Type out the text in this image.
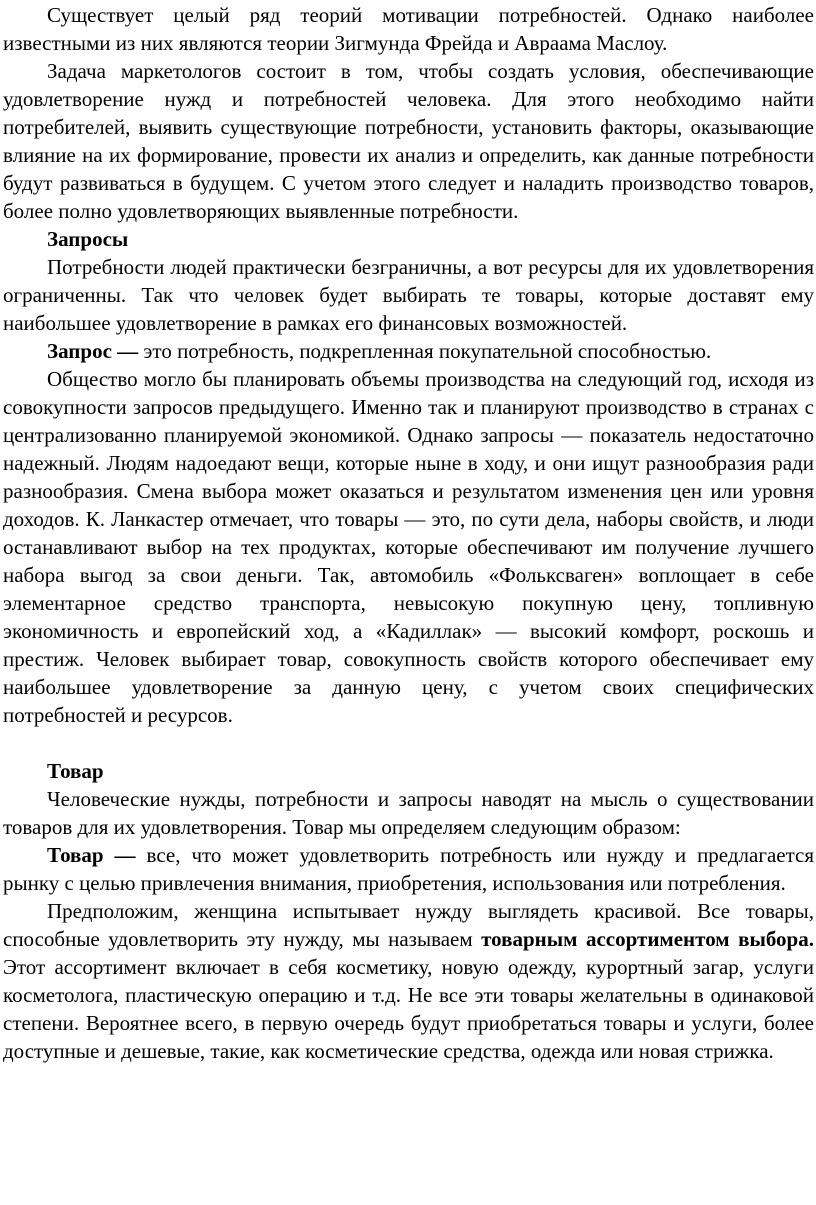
Существует целый ряд теорий мотивации потребностей. Однако наиболее известными из них являются теории Зигмунда Фрейда и Авраама Маслоу.

Задача маркетологов состоит в том, чтобы создать условия, обеспечивающие удовлетворение нужд и потребностей человека. Для этого необходимо найти потребителей, выявить существующие потребности, установить факторы, оказывающие влияние на их формирование, провести их анализ и определить, как данные потребности будут развиваться в будущем. С учетом этого следует и наладить производство товаров, более полно удовлетворяющих выявленные потребности.

Запросы

Потребности людей практически безграничны, а вот ресурсы для их удовлетворения ограниченны. Так что человек будет выбирать те товары, которые доставят ему наибольшее удовлетворение в рамках его финансовых возможностей.

Запрос — это потребность, подкрепленная покупательной способностью.

Общество могло бы планировать объемы производства на следующий год, исходя из совокупности запросов предыдущего. Именно так и планируют производство в странах с централизованно планируемой экономикой. Однако запросы — показатель недостаточно надежный. Людям надоедают вещи, которые ныне в ходу, и они ищут разнообразия ради разнообразия. Смена выбора может оказаться и результатом изменения цен или уровня доходов. К. Ланкастер отмечает, что товары — это, по сути дела, наборы свойств, и люди останавливают выбор на тех продуктах, которые обеспечивают им получение лучшего набора выгод за свои деньги. Так, автомобиль «Фольксваген» воплощает в себе элементарное средство транспорта, невысокую покупную цену, топливную экономичность и европейский ход, а «Кадиллак» — высокий комфорт, роскошь и престиж. Человек выбирает товар, совокупность свойств которого обеспечивает ему наибольшее удовлетворение за данную цену, с учетом своих специфических потребностей и ресурсов.

Товар

Человеческие нужды, потребности и запросы наводят на мысль о существовании товаров для их удовлетворения. Товар мы определяем следующим образом:

Товар — все, что может удовлетворить потребность или нужду и предлагается рынку с целью привлечения внимания, приобретения, использования или потребления.

Предположим, женщина испытывает нужду выглядеть красивой. Все товары, способные удовлетворить эту нужду, мы называем товарным ассортиментом выбора. Этот ассортимент включает в себя косметику, новую одежду, курортный загар, услуги косметолога, пластическую операцию и т.д. Не все эти товары желательны в одинаковой степени. Вероятнее всего, в первую очередь будут приобретаться товары и услуги, более доступные и дешевые, такие, как косметические средства, одежда или новая стрижка.
